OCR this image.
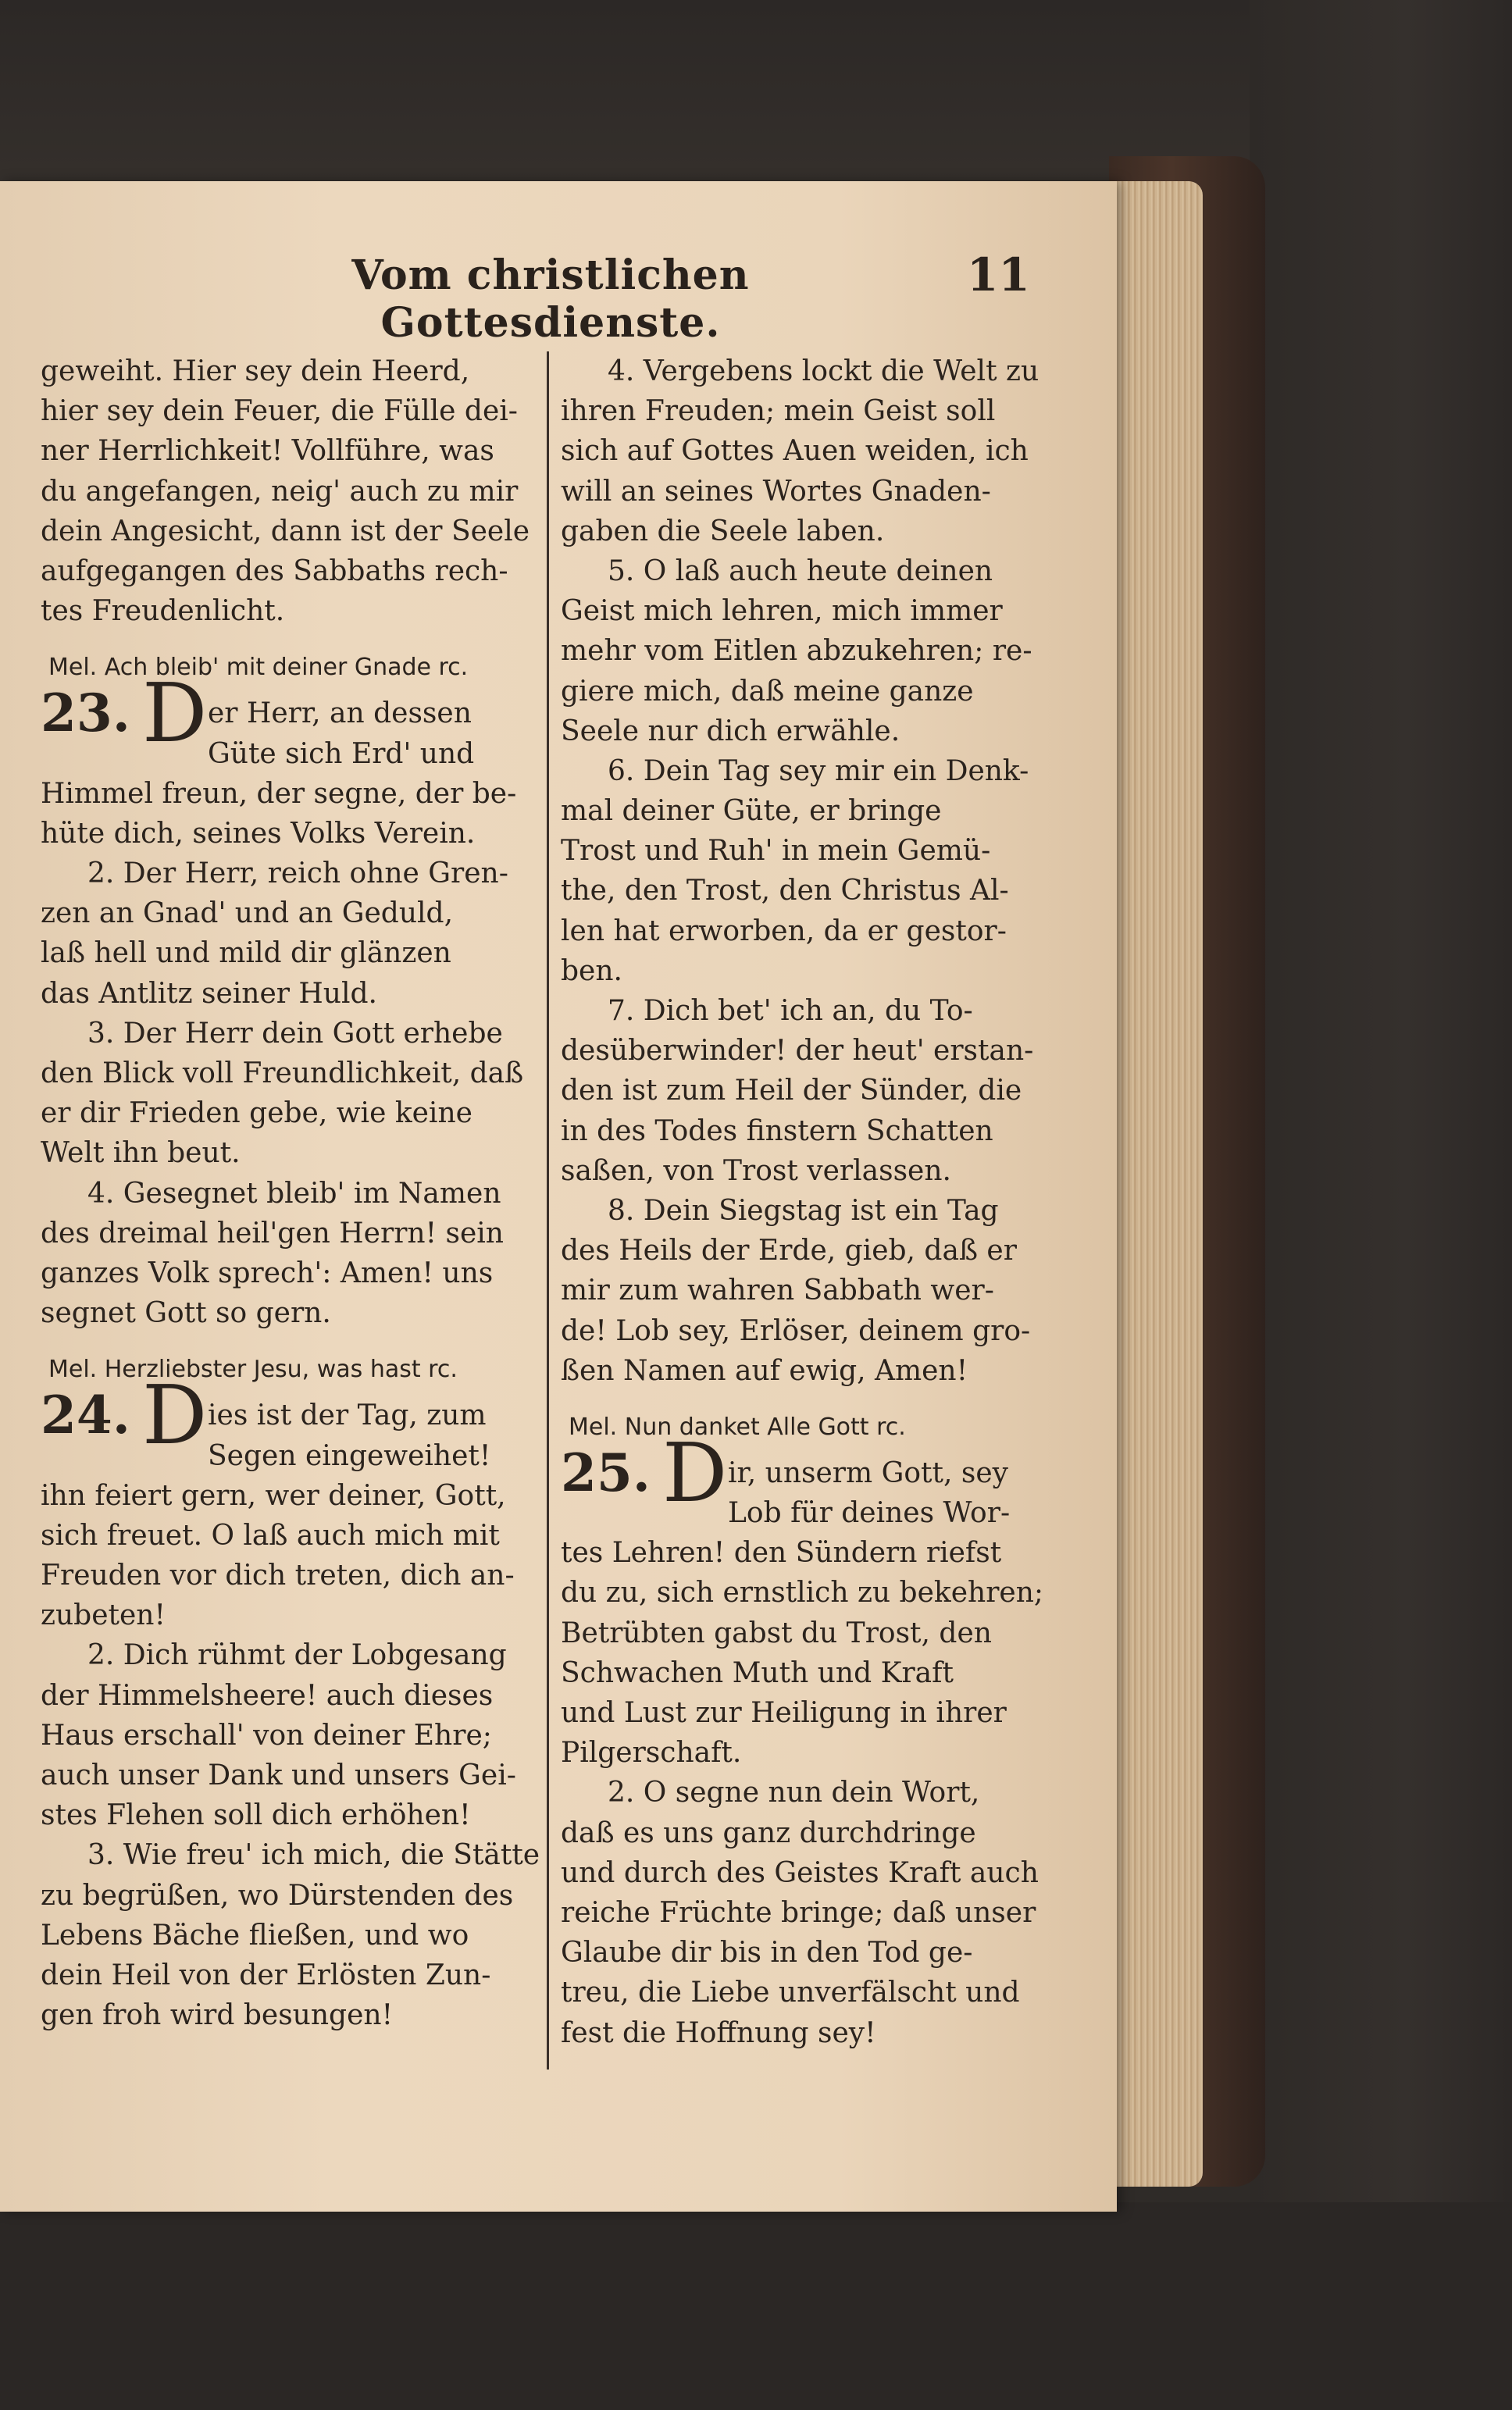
Vom christlichen Gottesdienste.
11
geweiht. Hier sey dein Heerd,
hier sey dein Feuer, die Fülle dei-
ner Herrlichkeit! Vollführe, was
du angefangen, neig' auch zu mir
dein Angesicht, dann ist der Seele
aufgegangen des Sabbaths rech-
tes Freudenlicht.
Mel. Ach bleib' mit deiner Gnade rc.
23. Der Herr, an dessen
Güte sich Erd' und
Himmel freun, der segne, der be-
hüte dich, seines Volks Verein.
2. Der Herr, reich ohne Gren-
zen an Gnad' und an Geduld,
laß hell und mild dir glänzen
das Antlitz seiner Huld.
3. Der Herr dein Gott erhebe
den Blick voll Freundlichkeit, daß
er dir Frieden gebe, wie keine
Welt ihn beut.
4. Gesegnet bleib' im Namen
des dreimal heil'gen Herrn! sein
ganzes Volk sprech': Amen! uns
segnet Gott so gern.
Mel. Herzliebster Jesu, was hast rc.
24. Dies ist der Tag, zum
Segen eingeweihet!
ihn feiert gern, wer deiner, Gott,
sich freuet. O laß auch mich mit
Freuden vor dich treten, dich an-
zubeten!
2. Dich rühmt der Lobgesang
der Himmelsheere! auch dieses
Haus erschall' von deiner Ehre;
auch unser Dank und unsers Gei-
stes Flehen soll dich erhöhen!
3. Wie freu' ich mich, die Stätte
zu begrüßen, wo Dürstenden des
Lebens Bäche fließen, und wo
dein Heil von der Erlösten Zun-
gen froh wird besungen!
4. Vergebens lockt die Welt zu
ihren Freuden; mein Geist soll
sich auf Gottes Auen weiden, ich
will an seines Wortes Gnaden-
gaben die Seele laben.
5. O laß auch heute deinen
Geist mich lehren, mich immer
mehr vom Eitlen abzukehren; re-
giere mich, daß meine ganze
Seele nur dich erwähle.
6. Dein Tag sey mir ein Denk-
mal deiner Güte, er bringe
Trost und Ruh' in mein Gemü-
the, den Trost, den Christus Al-
len hat erworben, da er gestor-
ben.
7. Dich bet' ich an, du To-
desüberwinder! der heut' erstan-
den ist zum Heil der Sünder, die
in des Todes finstern Schatten
saßen, von Trost verlassen.
8. Dein Siegstag ist ein Tag
des Heils der Erde, gieb, daß er
mir zum wahren Sabbath wer-
de! Lob sey, Erlöser, deinem gro-
ßen Namen auf ewig, Amen!
Mel. Nun danket Alle Gott rc.
25. Dir, unserm Gott, sey
Lob für deines Wor-
tes Lehren! den Sündern riefst
du zu, sich ernstlich zu bekehren;
Betrübten gabst du Trost, den
Schwachen Muth und Kraft
und Lust zur Heiligung in ihrer
Pilgerschaft.
2. O segne nun dein Wort,
daß es uns ganz durchdringe
und durch des Geistes Kraft auch
reiche Früchte bringe; daß unser
Glaube dir bis in den Tod ge-
treu, die Liebe unverfälscht und
fest die Hoffnung sey!
